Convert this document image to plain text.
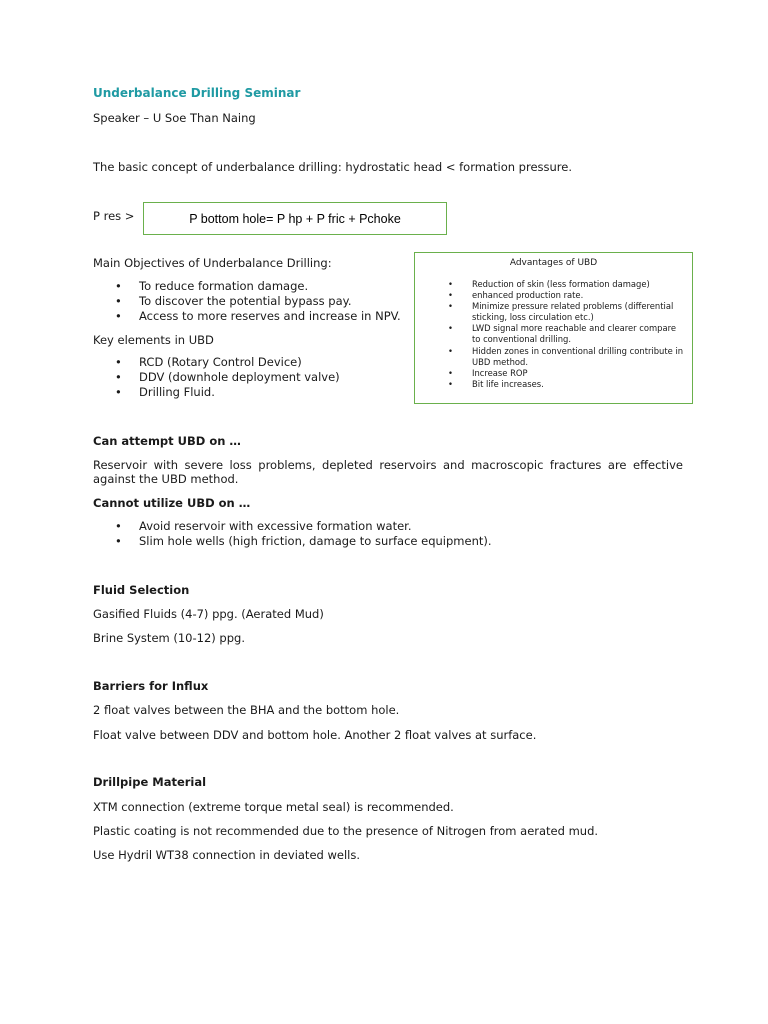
Underbalance Drilling Seminar

Speaker – U Soe Than Naing

The basic concept of underbalance drilling: hydrostatic head < formation pressure.

P res >	P bottom hole= P hp + P fric + Pchoke

Main Objectives of Underbalance Drilling:

• To reduce formation damage.
• To discover the potential bypass pay.
• Access to more reserves and increase in NPV.

Key elements in UBD

• RCD (Rotary Control Device)
• DDV (downhole deployment valve)
• Drilling Fluid.
Advantages of UBD
• Reduction of skin (less formation damage)
• enhanced production rate.
• Minimize pressure related problems (differential sticking, loss circulation etc.)
• LWD signal more reachable and clearer compare to conventional drilling.
• Hidden zones in conventional drilling contribute in UBD method.
• Increase ROP
• Bit life increases.
Can attempt UBD on …

Reservoir with severe loss problems, depleted reservoirs and macroscopic fractures are effective against the UBD method.

Cannot utilize UBD on …
• Avoid reservoir with excessive formation water.
• Slim hole wells (high friction, damage to surface equipment).
Fluid Selection

Gasified Fluids (4-7) ppg. (Aerated Mud)

Brine System (10-12) ppg.

Barriers for Influx

2 float valves between the BHA and the bottom hole.

Float valve between DDV and bottom hole. Another 2 float valves at surface.

Drillpipe Material

XTM connection (extreme torque metal seal) is recommended.

Plastic coating is not recommended due to the presence of Nitrogen from aerated mud.

Use Hydril WT38 connection in deviated wells.
